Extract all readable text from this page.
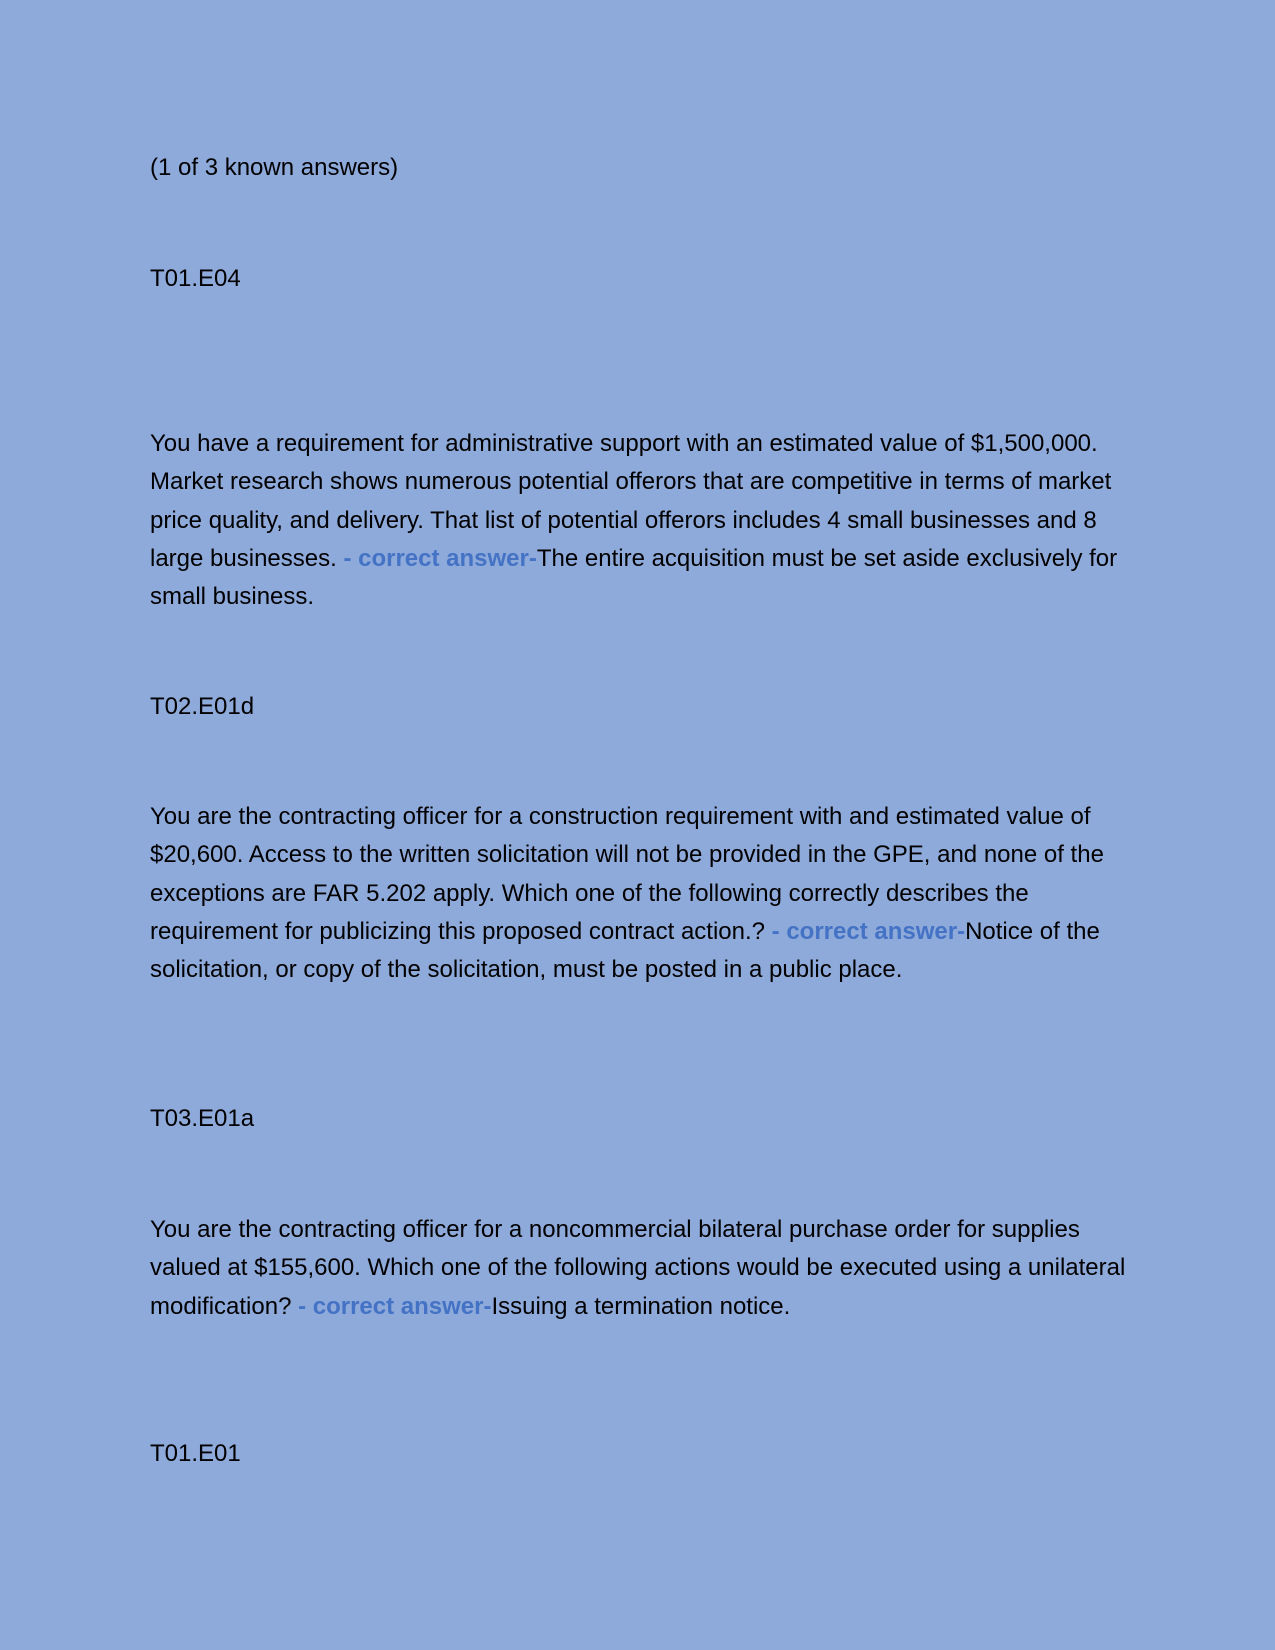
(1 of 3 known answers)
T01.E04
You have a requirement for administrative support with an estimated value of $1,500,000. Market research shows numerous potential offerors that are competitive in terms of market price quality, and delivery. That list of potential offerors includes 4 small businesses and 8 large businesses. - correct answer-The entire acquisition must be set aside exclusively for small business.
T02.E01d
You are the contracting officer for a construction requirement with and estimated value of $20,600. Access to the written solicitation will not be provided in the GPE, and none of the exceptions are FAR 5.202 apply. Which one of the following correctly describes the requirement for publicizing this proposed contract action.? - correct answer-Notice of the solicitation, or copy of the solicitation, must be posted in a public place.
T03.E01a
You are the contracting officer for a noncommercial bilateral purchase order for supplies valued at $155,600. Which one of the following actions would be executed using a unilateral modification? - correct answer-Issuing a termination notice.
T01.E01
